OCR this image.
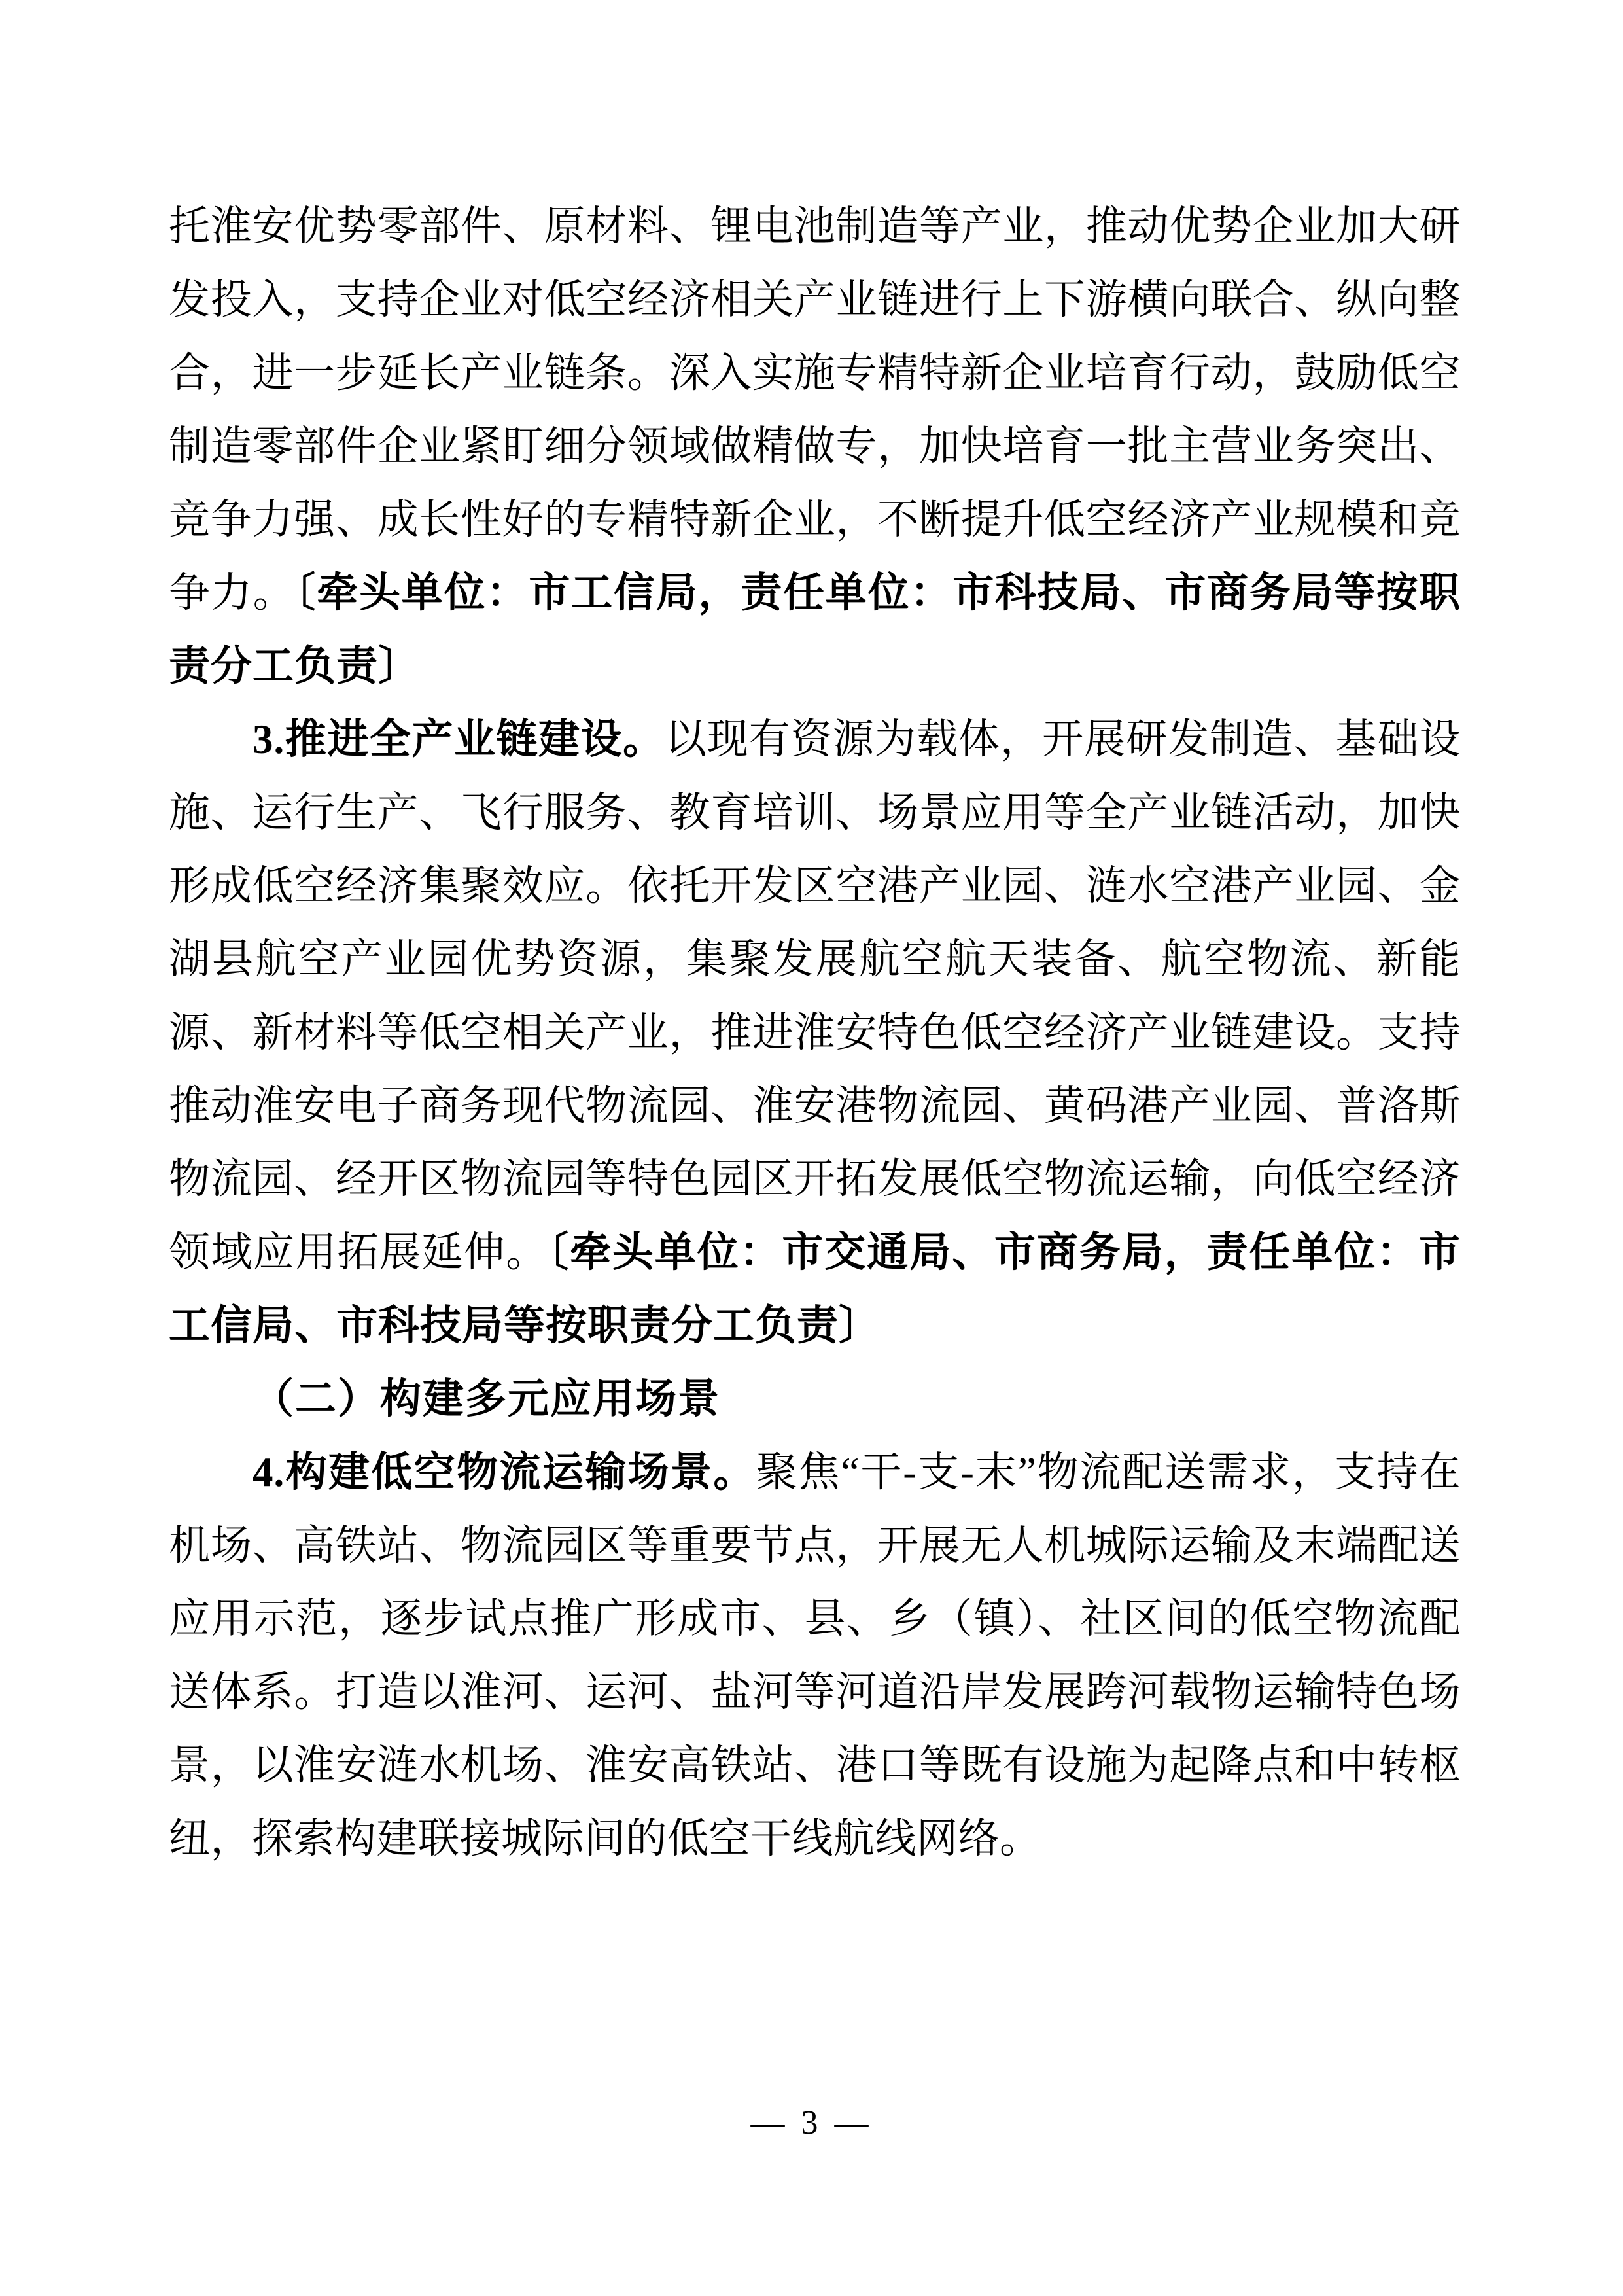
托淮安优势零部件、原材料、锂电池制造等产业，推动优势企业加大研发投入，支持企业对低空经济相关产业链进行上下游横向联合、纵向整合，进一步延长产业链条。深入实施专精特新企业培育行动，鼓励低空制造零部件企业紧盯细分领域做精做专，加快培育一批主营业务突出、竞争力强、成长性好的专精特新企业，不断提升低空经济产业规模和竞争力。〔牵头单位：市工信局，责任单位：市科技局、市商务局等按职责分工负责〕

3.推进全产业链建设。以现有资源为载体，开展研发制造、基础设施、运行生产、飞行服务、教育培训、场景应用等全产业链活动，加快形成低空经济集聚效应。依托开发区空港产业园、涟水空港产业园、金湖县航空产业园优势资源，集聚发展航空航天装备、航空物流、新能源、新材料等低空相关产业，推进淮安特色低空经济产业链建设。支持推动淮安电子商务现代物流园、淮安港物流园、黄码港产业园、普洛斯物流园、经开区物流园等特色园区开拓发展低空物流运输，向低空经济领域应用拓展延伸。〔牵头单位：市交通局、市商务局，责任单位：市工信局、市科技局等按职责分工负责〕

（二）构建多元应用场景

4.构建低空物流运输场景。聚焦“干-支-末”物流配送需求，支持在机场、高铁站、物流园区等重要节点，开展无人机城际运输及末端配送应用示范，逐步试点推广形成市、县、乡（镇）、社区间的低空物流配送体系。打造以淮河、运河、盐河等河道沿岸发展跨河载物运输特色场景，以淮安涟水机场、淮安高铁站、港口等既有设施为起降点和中转枢纽，探索构建联接城际间的低空干线航线网络。

— 3 —
